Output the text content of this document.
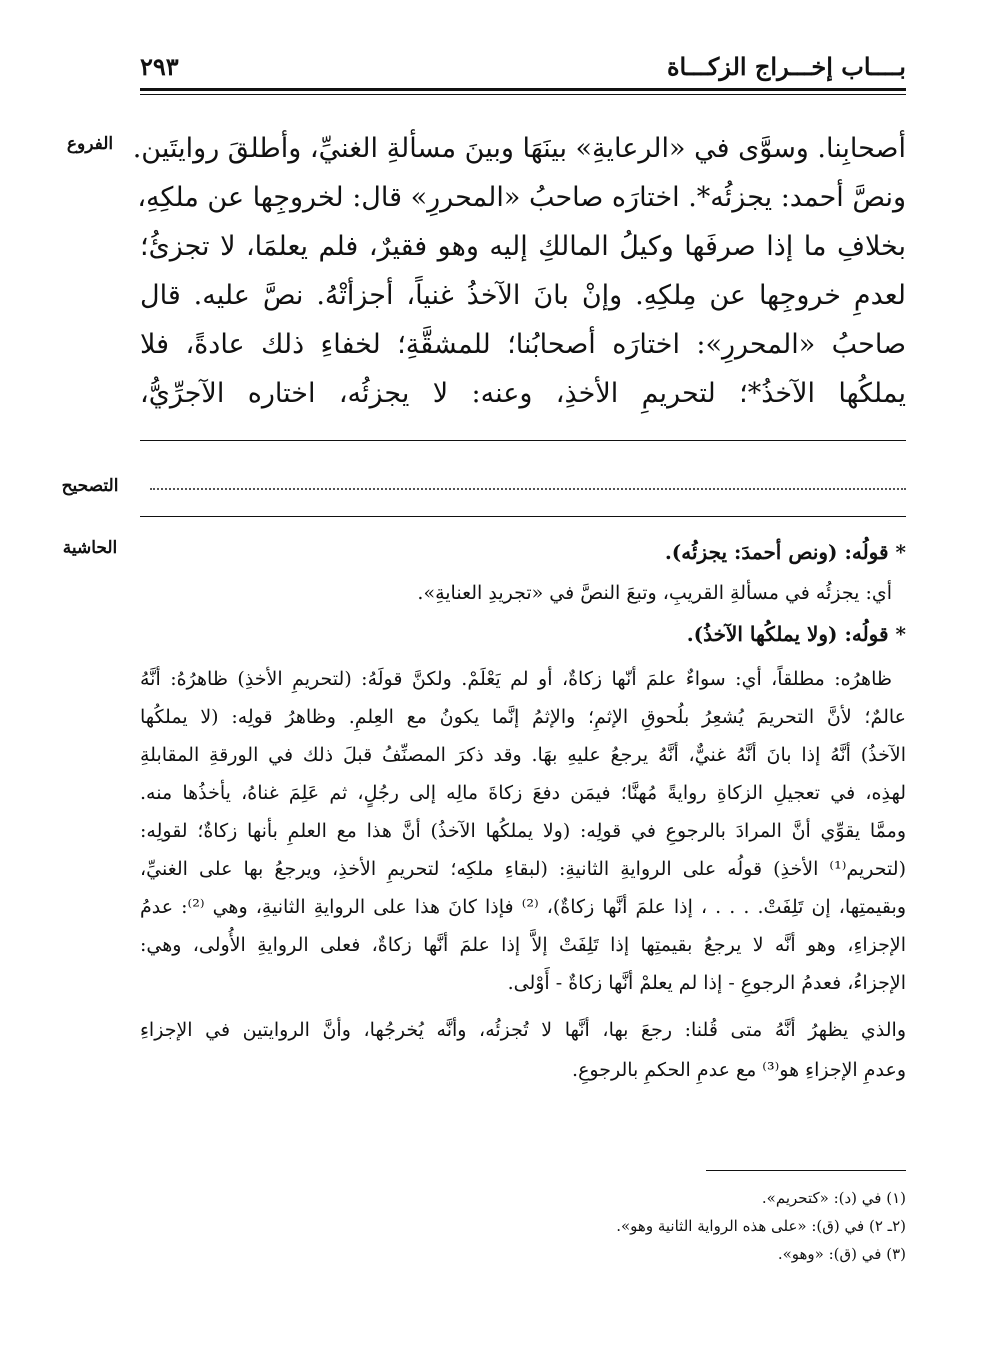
بــــاب إخـــراج الزكـــاة
٢٩٣
الفروع
التصحيح
الحاشية
أصحابِنا. وسوَّى في «الرعايةِ» بينَهَا وبينَ مسألةِ الغنيِّ، وأطلقَ روايتَين.
ونصَّ أحمد: يجزئُه*. اختارَه صاحبُ «المحررِ» قال: لخروجِها عن ملكِهِ،
بخلافِ ما إذا صرفَها وكيلُ المالكِ إليه وهو فقيرٌ، فلم يعلمَا، لا تجزئُ؛
لعدمِ خروجِها عن مِلكِهِ. وإنْ بانَ الآخذُ غنياً، أجزأتْهُ. نصَّ عليه. قال
صاحبُ «المحررِ»: اختارَه أصحابُنا؛ للمشقَّةِ؛ لخفاءِ ذلك عادةً، فلا
يملكُها الآخذُ*؛ لتحريمِ الأخذِ، وعنه: لا يجزئُه، اختاره الآجرِّيُّ،
* قولُه: (ونص أحمدَ: يجزئُه).
أي: يجزئُه في مسألةِ القريبِ، وتبعَ النصَّ في «تجريدِ العنايةِ».
* قولُه: (ولا يملكُها الآخذُ).
ظاهرُه: مطلقاً، أي: سواءٌ علمَ أنّها زكاةٌ، أو لم يَعْلَمْ. ولكنَّ قولَهُ: (لتحريمِ الأخذِ) ظاهرُهُ: أنَّهُ
عالمٌ؛ لأنَّ التحريمَ يُشعِرُ بلُحوقِ الإثمِ؛ والإثمُ إنَّما يكونُ مع العِلمِ. وظاهرُ قولِه: (لا يملكُها
الآخذُ) أنَّهُ إذا بانَ أنَّهُ غنيٌّ، أنَّهُ يرجعُ عليهِ بهَا. وقد ذكرَ المصنِّفُ قبلَ ذلك في الورقةِ المقابلةِ
لهذِه، في تعجيلِ الزكاةِ روايةً مُهنَّا؛ فيمَن دفعَ زكاةَ مالِه إلى رجُلٍ، ثم عَلِمَ غناهُ، يأخذُها منه.
وممَّا يقوِّي أنَّ المرادَ بالرجوعِ في قولِه: (ولا يملكُها الآخذُ) أنَّ هذا مع العلمِ بأنها زكاةٌ؛ لقولِه:
(لتحريم⁽¹⁾ الأخذِ) قولُه على الروايةِ الثانيةِ: (لبقاءِ ملكِه؛ لتحريمِ الأخذِ، ويرجعُ بها على الغنيِّ،
وبقيمتِها، إن تَلِفَتْ. . . . ، إذا علمَ أنَّها زكاةٌ)، ⁽²⁾ فإذا كانَ هذا على الروايةِ الثانيةِ، وهي ⁽²⁾: عدمُ
الإجزاءِ، وهو أنَّه لا يرجعُ بقيمتِها إذا تَلِفَتْ إلاَّ إذا علمَ أنَّها زكاةٌ، فعلى الروايةِ الأُولى، وهي:
الإجزاءُ، فعدمُ الرجوعِ - إذا لم يعلمْ أنَّها زكاةٌ - أَوْلى.
والذي يظهرُ أنَّهُ متى قُلنا: رجعَ بها، أنَّها لا تُجزئُه، وأنَّه يُخرجُها، وأنَّ الروايتين في الإجزاءِ
وعدمِ الإجزاءِ هو⁽³⁾ مع عدمِ الحكمِ بالرجوعِ.
(١) في (د): «كتحريم».
(٢ـ ٢) في (ق): «على هذه الرواية الثانية وهو».
(٣) في (ق): «وهو».
